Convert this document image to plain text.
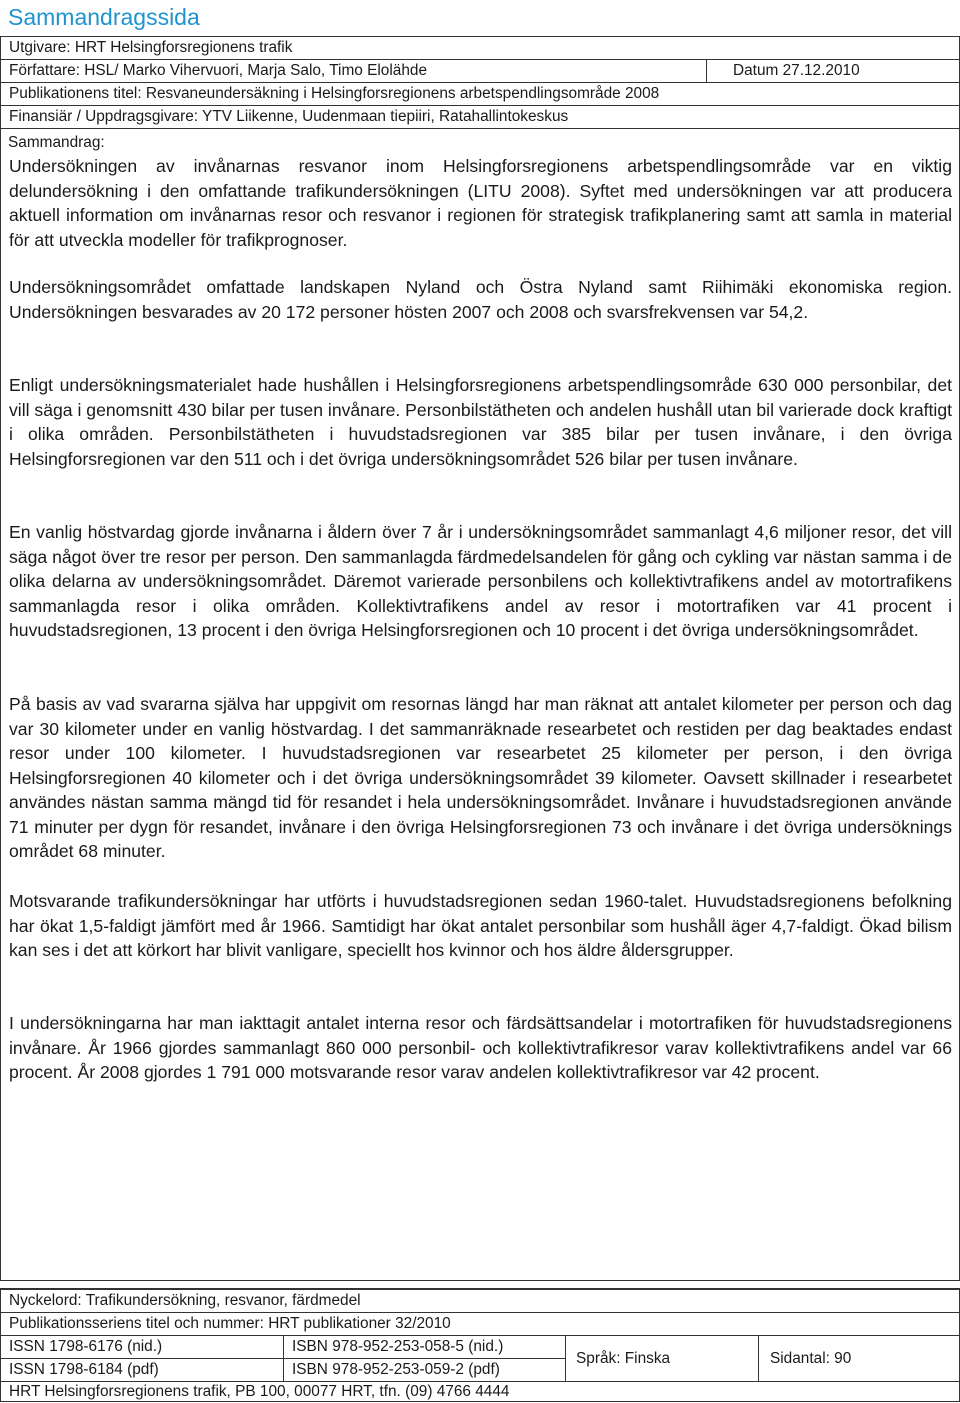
Sammandragssida
Utgivare: HRT Helsingforsregionens trafik
Författare: HSL/ Marko Vihervuori, Marja Salo, Timo Elolähde	Datum 27.12.2010
Publikationens titel: Resvaneundersäkning i Helsingforsregionens arbetspendlingsområde 2008
Finansiär / Uppdragsgivare: YTV Liikenne, Uudenmaan tiepiiri, Ratahallintokeskus
Sammandrag:

Undersökningen av invånarnas resvanor inom Helsingforsregionens arbetspendlingsområde var en viktig delundersökning i den omfattande trafikundersökningen (LITU 2008). Syftet med undersökningen var att producera aktuell information om invånarnas resor och resvanor i regionen för strategisk trafikplanering samt att samla in material för att utveckla modeller för trafikprognoser.

Undersökningsområdet omfattade landskapen Nyland och Östra Nyland samt Riihimäki ekonomiska region. Undersökningen besvarades av 20 172 personer hösten 2007 och 2008 och svarsfrekvensen var 54,2.

Enligt undersökningsmaterialet hade hushållen i Helsingforsregionens arbetspendlingsområde 630 000 personbilar, det vill säga i genomsnitt 430 bilar per tusen invånare. Personbilstätheten och andelen hushåll utan bil varierade dock kraftigt i olika områden. Personbilstätheten i huvudstadsregionen var 385 bilar per tusen invånare, i den övriga Helsingforsregionen var den 511 och i det övriga undersökningsområdet 526 bilar per tusen invånare.

En vanlig höstvardag gjorde invånarna i åldern över 7 år i undersökningsområdet sammanlagt 4,6 miljoner resor, det vill säga något över tre resor per person. Den sammanlagda färdmedelsandelen för gång och cykling var nästan samma i de olika delarna av undersökningsområdet. Däremot varierade personbilens och kollektivtrafikens andel av motortrafikens sammanlagda resor i olika områden. Kollektivtrafikens andel av resor i motortrafiken var 41 procent i huvudstadsregionen, 13 procent i den övriga Helsingforsregionen och 10 procent i det övriga undersökningsområdet.

På basis av vad svararna själva har uppgivit om resornas längd har man räknat att antalet kilometer per person och dag var 30 kilometer under en vanlig höstvardag. I det sammanräknade researbetet och restiden per dag beaktades endast resor under 100 kilometer. I huvudstadsregionen var researbetet 25 kilometer per person, i den övriga Helsingforsregionen 40 kilometer och i det övriga undersökningsområdet 39 kilometer. Oavsett skillnader i researbetet användes nästan samma mängd tid för resandet i hela undersökningsområdet. Invånare i huvudstadsregionen använde 71 minuter per dygn för resandet, invånare i den övriga Helsingforsregionen 73 och invånare i det övriga undersöknings området 68 minuter.

Motsvarande trafikundersökningar har utförts i huvudstadsregionen sedan 1960-talet. Huvudstadsregionens befolkning har ökat 1,5-faldigt jämfört med år 1966. Samtidigt har ökat antalet personbilar som hushåll äger 4,7-faldigt. Ökad bilism kan ses i det att körkort har blivit vanligare, speciellt hos kvinnor och hos äldre åldersgrupper.

I undersökningarna har man iakttagit antalet interna resor och färdsättsandelar i motortrafiken för huvudstadsregionens invånare. År 1966 gjordes sammanlagt 860 000 personbil- och kollektivtrafikresor varav kollektivtrafikens andel var 66 procent. År 2008 gjordes 1 791 000 motsvarande resor varav andelen kollektivtrafikresor var 42 procent.

Nyckelord: Trafikundersökning, resvanor, färdmedel
Publikationsseriens titel och nummer: HRT publikationer 32/2010
ISSN 1798-6176 (nid.)	ISBN 978-952-253-058-5 (nid.)
ISSN 1798-6184 (pdf)	ISBN 978-952-253-059-2 (pdf)
Språk: Finska	Sidantal: 90
HRT Helsingforsregionens trafik, PB 100, 00077 HRT, tfn. (09) 4766 4444
